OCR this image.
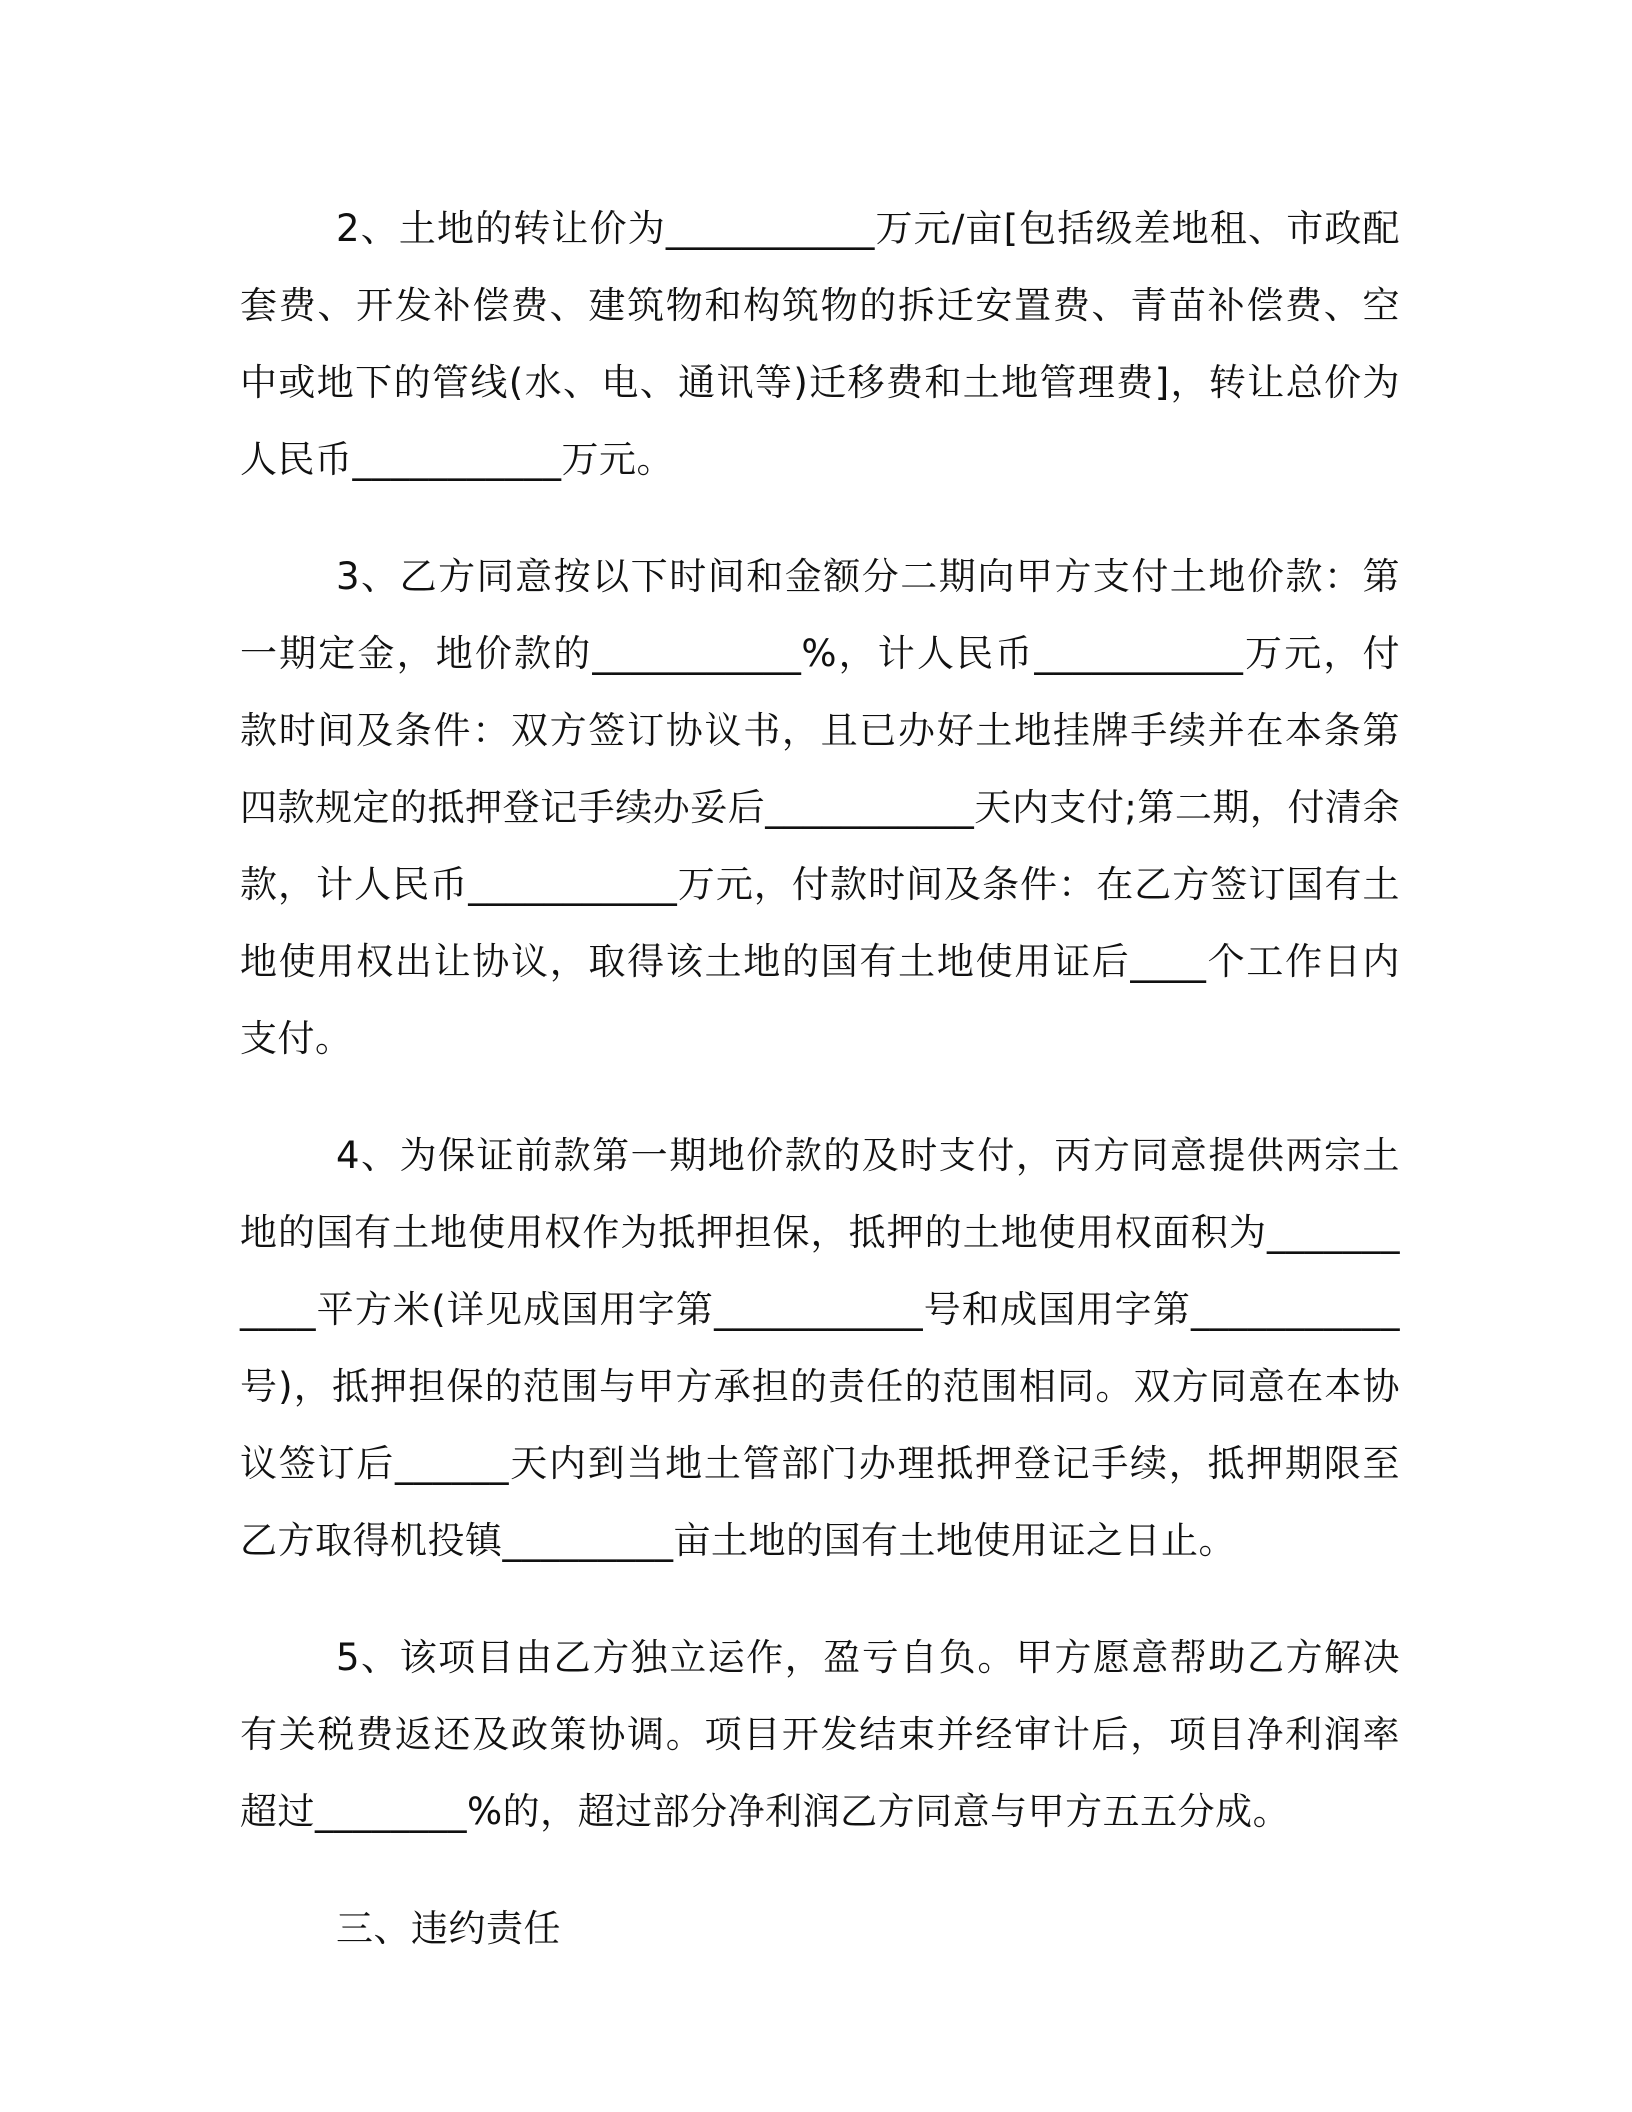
2、土地的转让价为___________万元/亩[包括级差地租、市政配套费、开发补偿费、建筑物和构筑物的拆迁安置费、青苗补偿费、空中或地下的管线(水、电、通讯等)迁移费和土地管理费]，转让总价为人民币___________万元。

3、乙方同意按以下时间和金额分二期向甲方支付土地价款：第一期定金，地价款的___________%，计人民币___________万元，付款时间及条件：双方签订协议书，且已办好土地挂牌手续并在本条第四款规定的抵押登记手续办妥后___________天内支付;第二期，付清余款，计人民币___________万元，付款时间及条件：在乙方签订国有土地使用权出让协议，取得该土地的国有土地使用证后____个工作日内支付。

4、为保证前款第一期地价款的及时支付，丙方同意提供两宗土地的国有土地使用权作为抵押担保，抵押的土地使用权面积为___________平方米(详见成国用字第___________号和成国用字第___________号)，抵押担保的范围与甲方承担的责任的范围相同。双方同意在本协议签订后______天内到当地土管部门办理抵押登记手续，抵押期限至乙方取得机投镇_________亩土地的国有土地使用证之日止。

5、该项目由乙方独立运作，盈亏自负。甲方愿意帮助乙方解决有关税费返还及政策协调。项目开发结束并经审计后，项目净利润率超过________%的，超过部分净利润乙方同意与甲方五五分成。

三、违约责任
